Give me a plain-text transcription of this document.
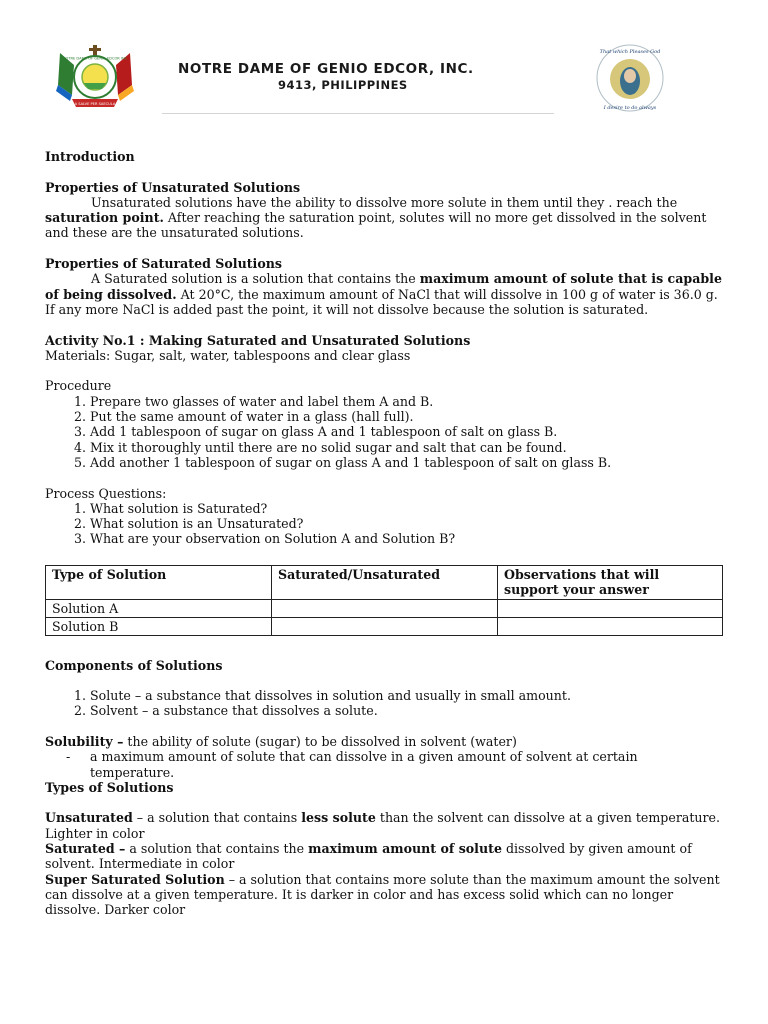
NOTRE DAME OF GENIO EDCOR INC
A SALVE PER SAECULA
NOTRE DAME OF GENIO EDCOR, INC.
9413, PHILIPPINES
That which Pleases God
I desire to do always

Introduction

Properties of Unsaturated Solutions

Unsaturated solutions have the ability to dissolve more solute in them until they . reach the saturation point. After reaching the saturation point, solutes will no more get dissolved in the solvent and these are the unsaturated solutions.

Properties of Saturated Solutions

A Saturated solution is a solution that contains the maximum amount of solute that is capable of being dissolved. At 20°C, the maximum amount of NaCl that will dissolve in 100 g of water is 36.0 g. If any more NaCl is added past the point, it will not dissolve because the solution is saturated.

Activity No.1 : Making Saturated and Unsaturated Solutions

Materials: Sugar, salt, water, tablespoons and clear glass

Procedure

1. Prepare two glasses of water and label them A and B.
2. Put the same amount of water in a glass (hall full).
3. Add 1 tablespoon of sugar on glass A and 1 tablespoon of salt on glass B.
4. Mix it thoroughly until there are no solid sugar and salt that can be found.
5. Add another 1 tablespoon of sugar on glass A and 1 tablespoon of salt on glass B.

Process Questions:

1. What solution is Saturated?
2. What solution is an Unsaturated?
3. What are your observation on Solution A and Solution B?
Type of Solution	Saturated/Unsaturated	Observations that will support your answer
Solution A		
Solution B		

Components of Solutions

1. Solute – a substance that dissolves in solution and usually in small amount.
2. Solvent – a substance that dissolves a solute.

Solubility – the ability of solute (sugar) to be dissolved in solvent (water)

-	a maximum amount of solute that can dissolve in a given amount of solvent at certain temperature.

Types of Solutions

Unsaturated – a solution that contains less solute than the solvent can dissolve at a given temperature. Lighter in color

Saturated – a solution that contains the maximum amount of solute dissolved by given amount of solvent. Intermediate in color

Super Saturated Solution – a solution that contains more solute than the maximum amount the solvent can dissolve at a given temperature. It is darker in color and has excess solid which can no longer dissolve. Darker color
